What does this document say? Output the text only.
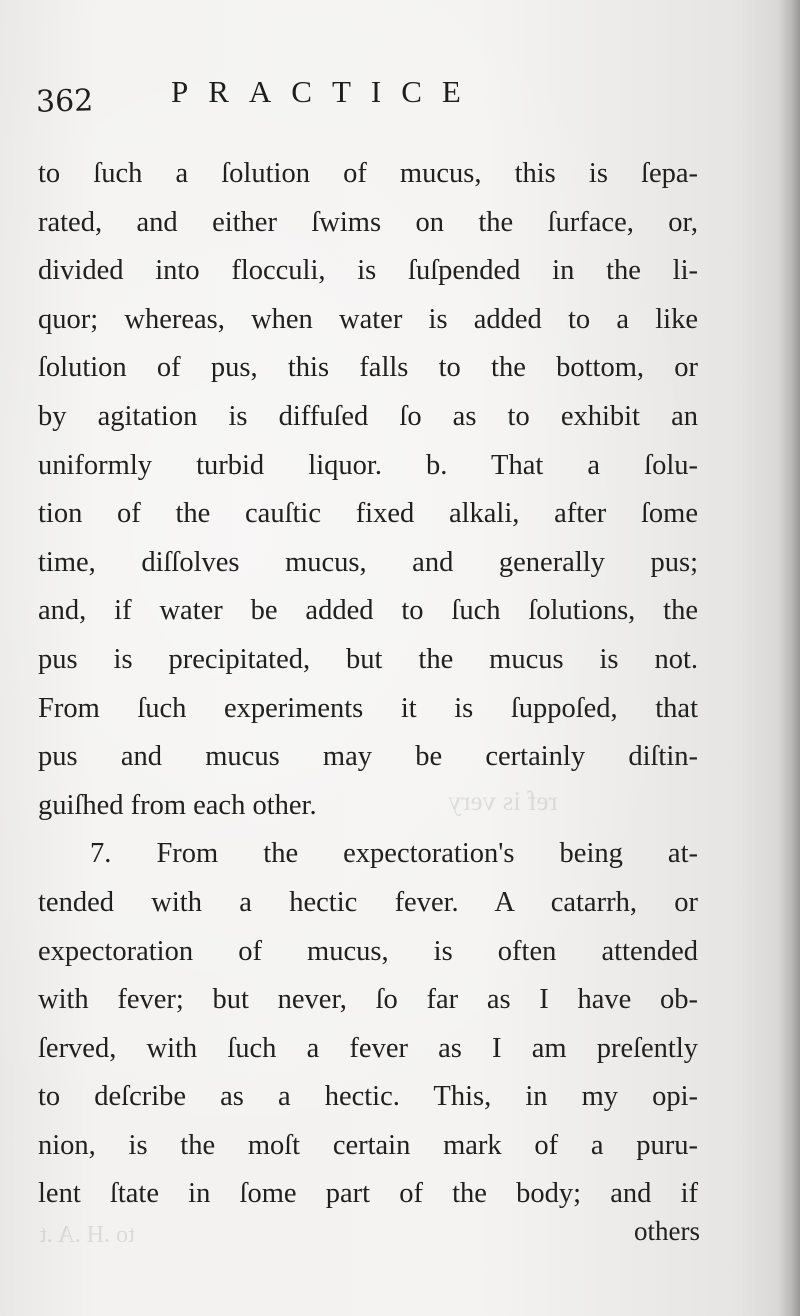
ref is very
to .H .A .t
362 PRACTICE
to ſuch a ſolution of mucus, this is ſepa-
rated, and either ſwims on the ſurface, or,
divided into flocculi, is ſuſpended in the li-
quor; whereas, when water is added to a like
ſolution of pus, this falls to the bottom, or
by agitation is diffuſed ſo as to exhibit an
uniformly turbid liquor. b. That a ſolu-
tion of the cauſtic fixed alkali, after ſome
time, diſſolves mucus, and generally pus;
and, if water be added to ſuch ſolutions, the
pus is precipitated, but the mucus is not.
From ſuch experiments it is ſuppoſed, that
pus and mucus may be certainly diſtin-
guiſhed from each other.
7. From the expectoration's being at-
tended with a hectic fever. A catarrh, or
expectoration of mucus, is often attended
with fever; but never, ſo far as I have ob-
ſerved, with ſuch a fever as I am preſently
to deſcribe as a hectic. This, in my opi-
nion, is the moſt certain mark of a puru-
lent ſtate in ſome part of the body; and if
others
